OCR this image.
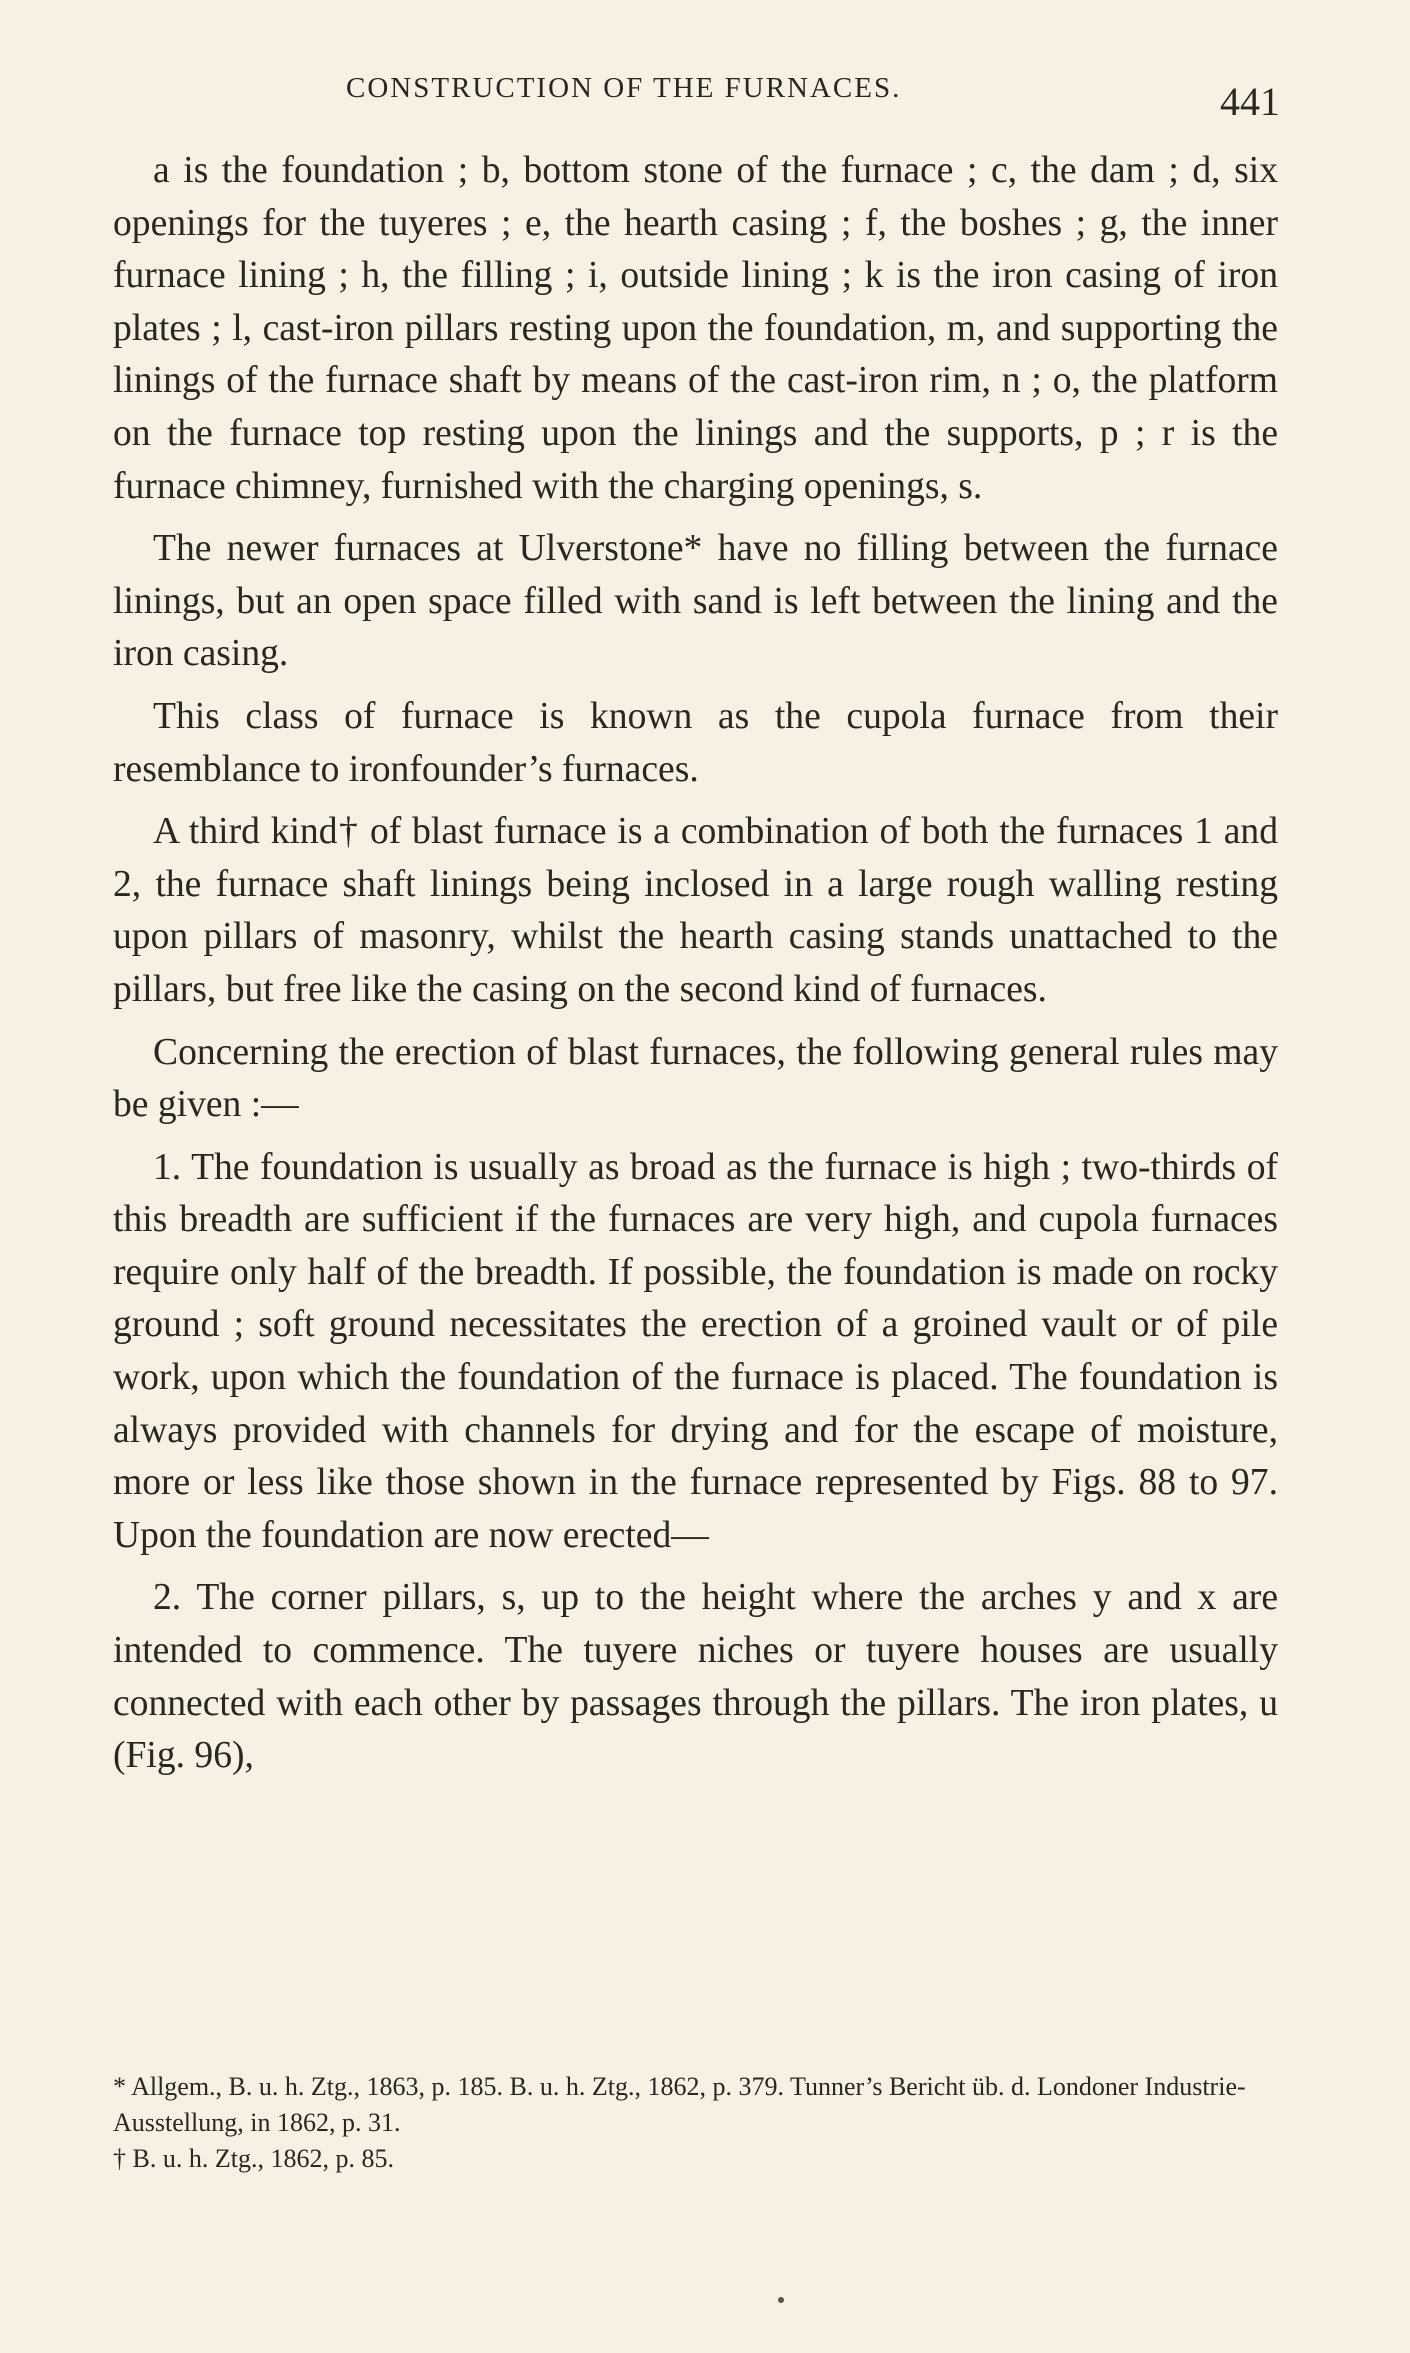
CONSTRUCTION OF THE FURNACES.	441

a is the foundation ; b, bottom stone of the furnace ; c, the dam ; d, six openings for the tuyeres ; e, the hearth casing ; f, the boshes ; g, the inner furnace lining ; h, the filling ; i, outside lining ; k is the iron casing of iron plates ; l, cast-iron pillars resting upon the foundation, m, and supporting the linings of the furnace shaft by means of the cast-iron rim, n ; o, the platform on the furnace top resting upon the linings and the supports, p ; r is the furnace chimney, furnished with the charging openings, s.

The newer furnaces at Ulverstone* have no filling between the furnace linings, but an open space filled with sand is left between the lining and the iron casing.

This class of furnace is known as the cupola furnace from their resemblance to ironfounder’s furnaces.

A third kind† of blast furnace is a combination of both the furnaces 1 and 2, the furnace shaft linings being inclosed in a large rough walling resting upon pillars of masonry, whilst the hearth casing stands unattached to the pillars, but free like the casing on the second kind of furnaces.

Concerning the erection of blast furnaces, the following general rules may be given :—

1. The foundation is usually as broad as the furnace is high ; two-thirds of this breadth are sufficient if the furnaces are very high, and cupola furnaces require only half of the breadth. If possible, the foundation is made on rocky ground ; soft ground necessitates the erection of a groined vault or of pile work, upon which the foundation of the furnace is placed. The foundation is always provided with channels for drying and for the escape of moisture, more or less like those shown in the furnace represented by Figs. 88 to 97. Upon the foundation are now erected—

2. The corner pillars, s, up to the height where the arches y and x are intended to commence. The tuyere niches or tuyere houses are usually connected with each other by passages through the pillars. The iron plates, u (Fig. 96),

* Allgem., B. u. h. Ztg., 1863, p. 185. B. u. h. Ztg., 1862, p. 379. Tunner’s Bericht üb. d. Londoner Industrie-Ausstellung, in 1862, p. 31.

† B. u. h. Ztg., 1862, p. 85.
